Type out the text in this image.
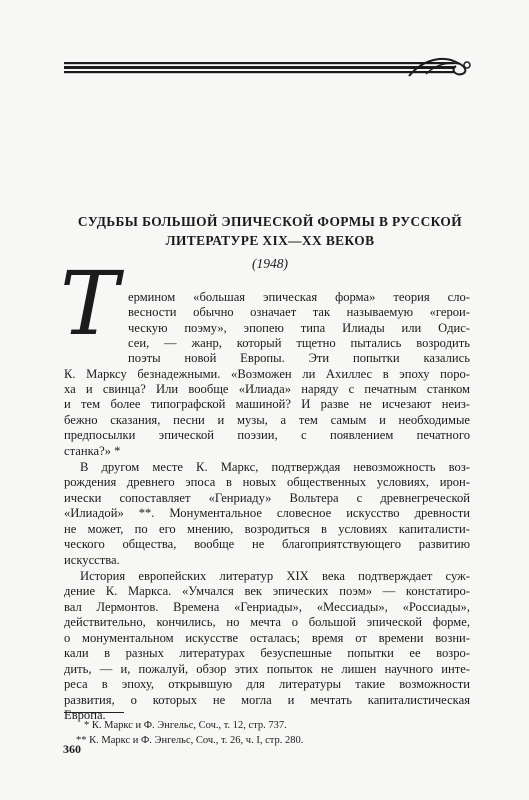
СУДЬБЫ БОЛЬШОЙ ЭПИЧЕСКОЙ ФОРМЫ В РУССКОЙ
ЛИТЕРАТУРЕ XIX—XX ВЕКОВ
(1948)
Т ермином «большая эпическая форма» теория сло-
весности обычно означает так называемую «герои-
ческую поэму», эпопею типа Илиады или Одис-
сеи, — жанр, который тщетно пытались возродить
поэты новой Европы. Эти попытки казались
К. Марксу безнадежными. «Возможен ли Ахиллес в эпоху поро-
ха и свинца? Или вообще «Илиада» наряду с печатным станком
и тем более типографской машиной? И разве не исчезают неиз-
бежно сказания, песни и музы, а тем самым и необходимые
предпосылки эпической поэзии, с появлением печатного
станка?» *
В другом месте К. Маркс, подтверждая невозможность воз-
рождения древнего эпоса в новых общественных условиях, ирон-
ически сопоставляет «Генриаду» Вольтера с древнегреческой
«Илиадой» **. Монументальное словесное искусство древности
не может, по его мнению, возродиться в условиях капиталисти-
ческого общества, вообще не благоприятствующего развитию
искусства.
История европейских литератур XIX века подтверждает суж-
дение К. Маркса. «Умчался век эпических поэм» — констатиро-
вал Лермонтов. Времена «Генриады», «Мессиады», «Россиады»,
действительно, кончились, но мечта о большой эпической форме,
о монументальном искусстве осталась; время от времени возни-
кали в разных литературах безуспешные попытки ее возро-
дить, — и, пожалуй, обзор этих попыток не лишен научного инте-
реса в эпоху, открывшую для литературы такие возможности
развития, о которых не могла и мечтать капиталистическая
Европа.
* К. Маркс и Ф. Энгельс, Соч., т. 12, стр. 737.
** К. Маркс и Ф. Энгельс, Соч., т. 26, ч. I, стр. 280.
360
